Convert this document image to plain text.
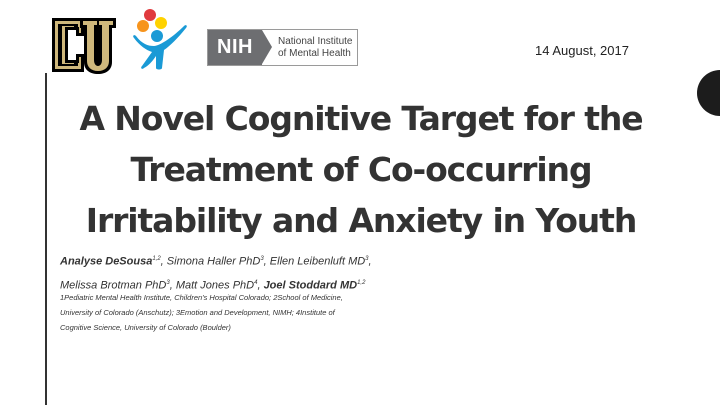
NIH	National Institute
of Mental Health	14 August, 2017
A Novel Cognitive Target for the
Treatment of Co-occurring
Irritability and Anxiety in Youth
Analyse DeSousa$^{1,2}$, Simona Haller PhD$^3$, Ellen Leibenluft $MD^3$,
Melissa Brotman PhD$^3$, Matt Jones PhD$^4$, Joel Stoddard MD$^{1,2}$
1Pediatric Mental Health Institute, Children's Hospital Colorado; 2School of Medicine,
University of Colorado (Anschutz); 3Emotion and Development, NIMH; 4Institute of
Cognitive Science, University of Colorado (Boulder)
